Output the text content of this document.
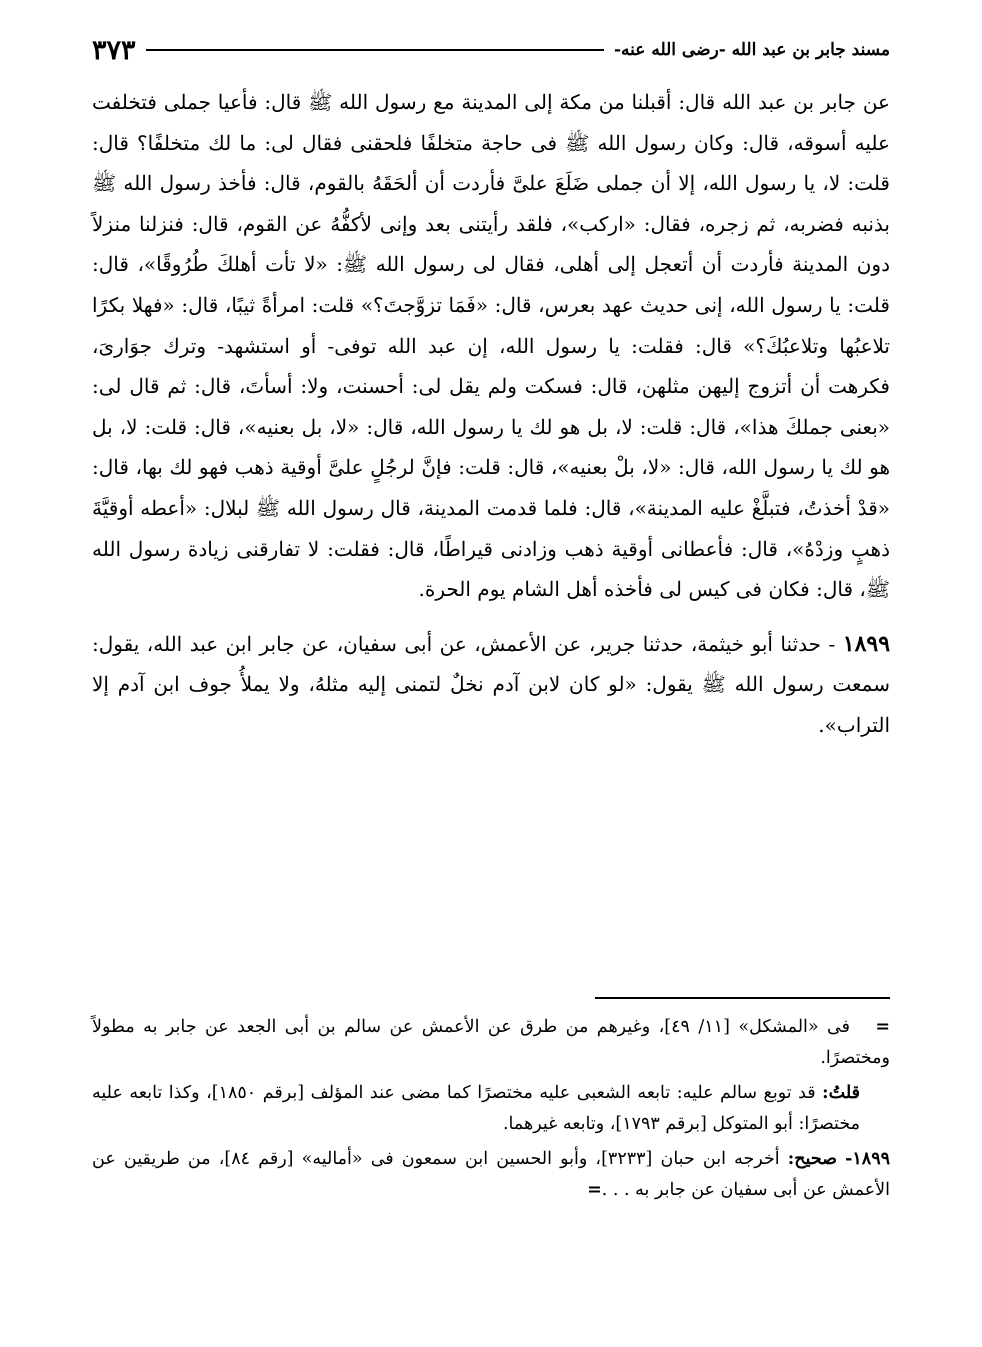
مسند جابر بن عبد الله -رضى الله عنه-
٣٧٣

عن جابر بن عبد الله قال: أقبلنا من مكة إلى المدينة مع رسول الله ﷺ قال: فأعيا جملى فتخلفت عليه أسوقه، قال: وكان رسول الله ﷺ فى حاجة متخلفًا فلحقنى فقال لى: ما لك متخلفًا؟ قال: قلت: لا، يا رسول الله، إلا أن جملى ضَلَعَ علىَّ فأردت أن ألحَقَهُ بالقوم، قال: فأخذ رسول الله ﷺ بذنبه فضربه، ثم زجره، فقال: «اركب»، فلقد رأيتنى بعد وإنى لأكفُّهُ عن القوم، قال: فنزلنا منزلاً دون المدينة فأردت أن أتعجل إلى أهلى، فقال لى رسول الله ﷺ: «لا تأت أهلكَ طُرُوقًا»، قال: قلت: يا رسول الله، إنى حديث عهد بعرس، قال: «فَمَا تزوَّجتَ؟» قلت: امرأةً ثيبًا، قال: «فهلا بكرًا تلاعبُها وتلاعبُكَ؟» قال: فقلت: يا رسول الله، إن عبد الله توفى- أو استشهد- وترك جوَارىَ، فكرهت أن أتزوج إليهن مثلهن، قال: فسكت ولم يقل لى: أحسنت، ولا: أسأتَ، قال: ثم قال لى: «بعنى جملكَ هذا»، قال: قلت: لا، بل هو لك يا رسول الله، قال: «لا، بل بعنيه»، قال: قلت: لا، بل هو لك يا رسول الله، قال: «لا، بلْ بعنيه»، قال: قلت: فإنَّ لرجُلٍ علىَّ أوقية ذهب فهو لك بها، قال: «قدْ أخذتُ، فتبلَّغْ عليه المدينة»، قال: فلما قدمت المدينة، قال رسول الله ﷺ لبلال: «أعطه أوقيَّةَ ذهبٍ وزدْهُ»، قال: فأعطانى أوقية ذهب وزادنى قيراطًا، قال: فقلت: لا تفارقنى زيادة رسول الله ﷺ، قال: فكان فى كيس لى فأخذه أهل الشام يوم الحرة.

١٨٩٩ - حدثنا أبو خيثمة، حدثنا جرير، عن الأعمش، عن أبى سفيان، عن جابر ابن عبد الله، يقول: سمعت رسول الله ﷺ يقول: «لو كان لابن آدم نخلٌ لتمنى إليه مثلهُ، ولا يملأُ جوف ابن آدم إلا التراب».

=   فى «المشكل» [١١/ ٤٩]، وغيرهم من طرق عن الأعمش عن سالم بن أبى الجعد عن جابر به مطولاً ومختصرًا.

قلتُ: قد توبع سالم عليه: تابعه الشعبى عليه مختصرًا كما مضى عند المؤلف [برقم ١٨٥٠]، وكذا تابعه عليه مختصرًا: أبو المتوكل [برقم ١٧٩٣]، وتابعه غيرهما.

١٨٩٩- صحيح: أخرجه ابن حبان [٣٢٣٣]، وأبو الحسين ابن سمعون فى «أماليه» [رقم ٨٤]، من طريقين عن الأعمش عن أبى سفيان عن جابر به . . .=
